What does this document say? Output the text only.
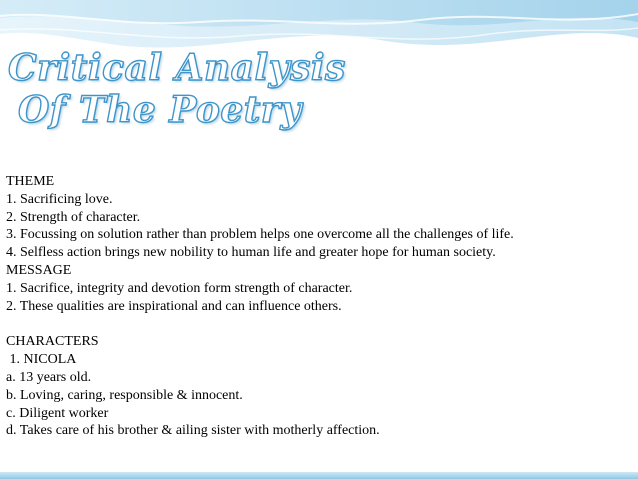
Critical Analysis
Of The Poetry
THEME
1. Sacrificing love.
2. Strength of character.
3. Focussing on solution rather than problem helps one overcome all the challenges of life.
4. Selfless action brings new nobility to human life and greater hope for human society.
MESSAGE
1. Sacrifice, integrity and devotion form strength of character.
2. These qualities are inspirational and can influence others.
CHARACTERS
1. NICOLA
a. 13 years old.
b. Loving, caring, responsible & innocent.
c. Diligent worker
d. Takes care of his brother & ailing sister with motherly affection.
